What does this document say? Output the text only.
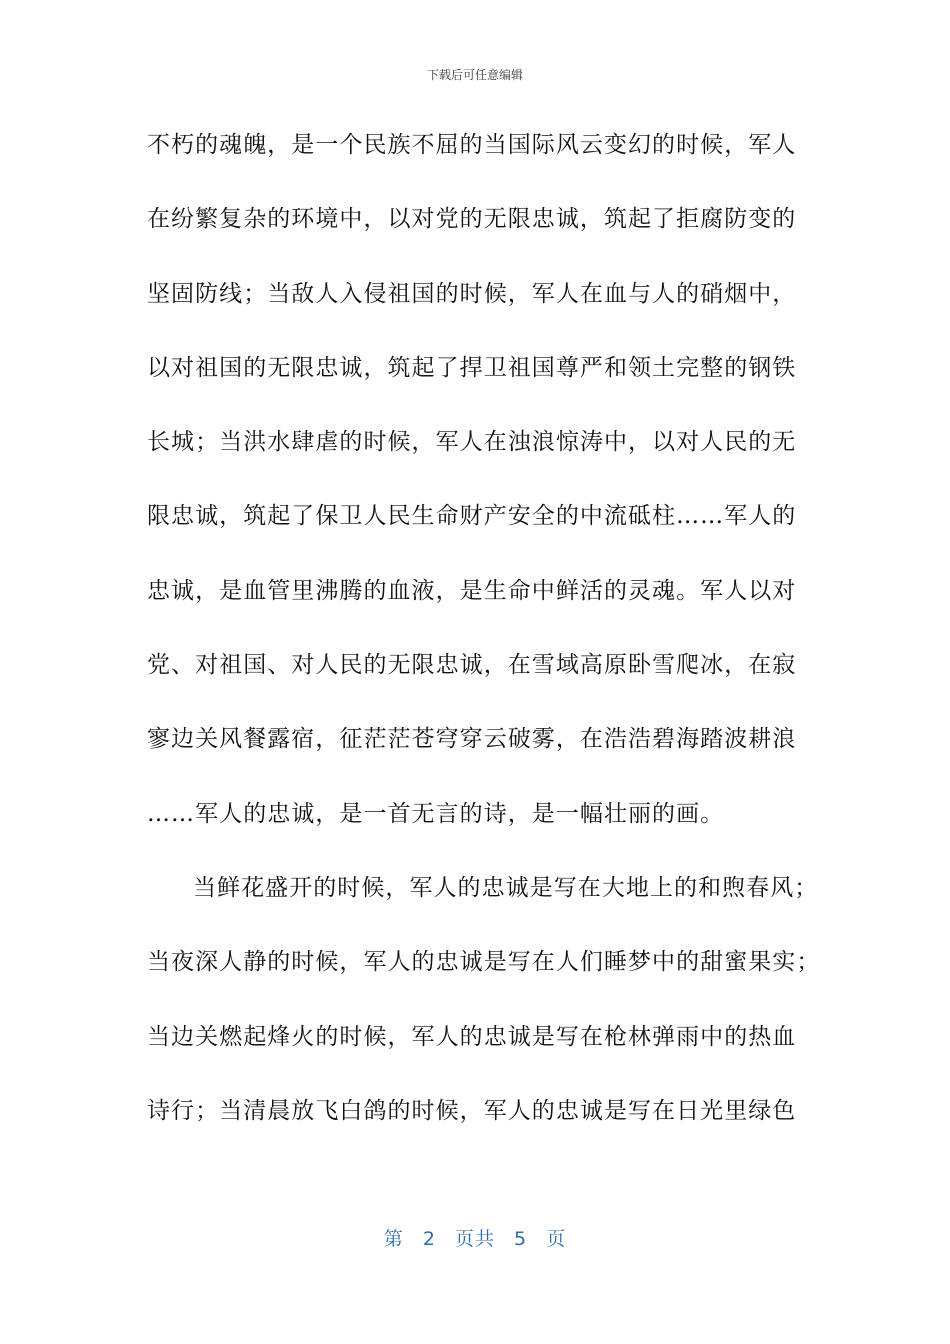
下载后可任意编辑
不朽的魂魄，是一个民族不屈的当国际风云变幻的时候，军人
在纷繁复杂的环境中，以对党的无限忠诚，筑起了拒腐防变的
坚固防线；当敌人入侵祖国的时候，军人在血与人的硝烟中，
以对祖国的无限忠诚，筑起了捍卫祖国尊严和领土完整的钢铁
长城；当洪水肆虐的时候，军人在浊浪惊涛中，以对人民的无
限忠诚，筑起了保卫人民生命财产安全的中流砥柱……军人的
忠诚，是血管里沸腾的血液，是生命中鲜活的灵魂。军人以对
党、对祖国、对人民的无限忠诚，在雪域高原卧雪爬冰，在寂
寥边关风餐露宿，征茫茫苍穹穿云破雾，在浩浩碧海踏波耕浪
……军人的忠诚，是一首无言的诗，是一幅壮丽的画。
当鲜花盛开的时候，军人的忠诚是写在大地上的和煦春风；
当夜深人静的时候，军人的忠诚是写在人们睡梦中的甜蜜果实；
当边关燃起烽火的时候，军人的忠诚是写在枪林弹雨中的热血
诗行；当清晨放飞白鸽的时候，军人的忠诚是写在日光里绿色
第 2 页共 5 页
